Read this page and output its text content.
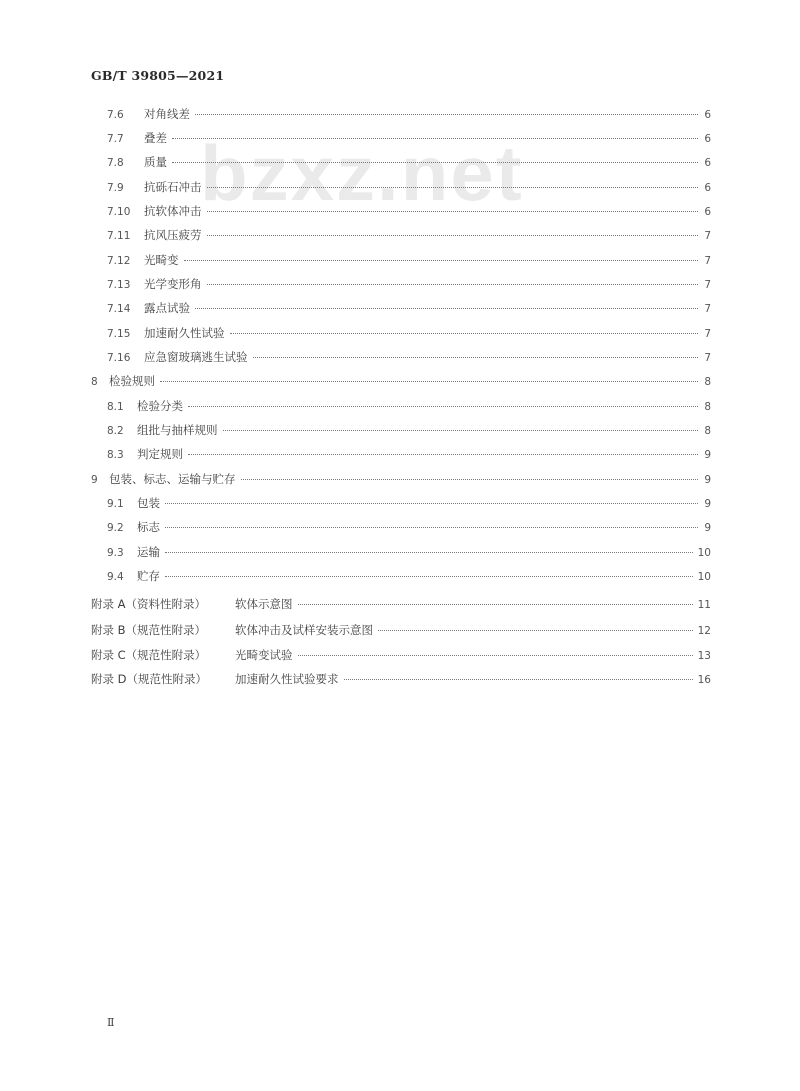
GB/T 39805—2021
bzxz.net
7.6	对角线差	6
7.7	叠差	6
7.8	质量	6
7.9	抗砾石冲击	6
7.10	抗软体冲击	6
7.11	抗风压疲劳	7
7.12	光畸变	7
7.13	光学变形角	7
7.14	露点试验	7
7.15	加速耐久性试验	7
7.16	应急窗玻璃逃生试验	7
8 检验规则	8
8.1	检验分类	8
8.2	组批与抽样规则	8
8.3	判定规则	9
9 包装、标志、运输与贮存	9
9.1	包装	9
9.2	标志	9
9.3	运输	10
9.4	贮存	10
附录 A（资料性附录）	软体示意图	11
附录 B（规范性附录）	软体冲击及试样安装示意图	12
附录 C（规范性附录）	光畸变试验	13
附录 D（规范性附录）	加速耐久性试验要求	16
Ⅱ
